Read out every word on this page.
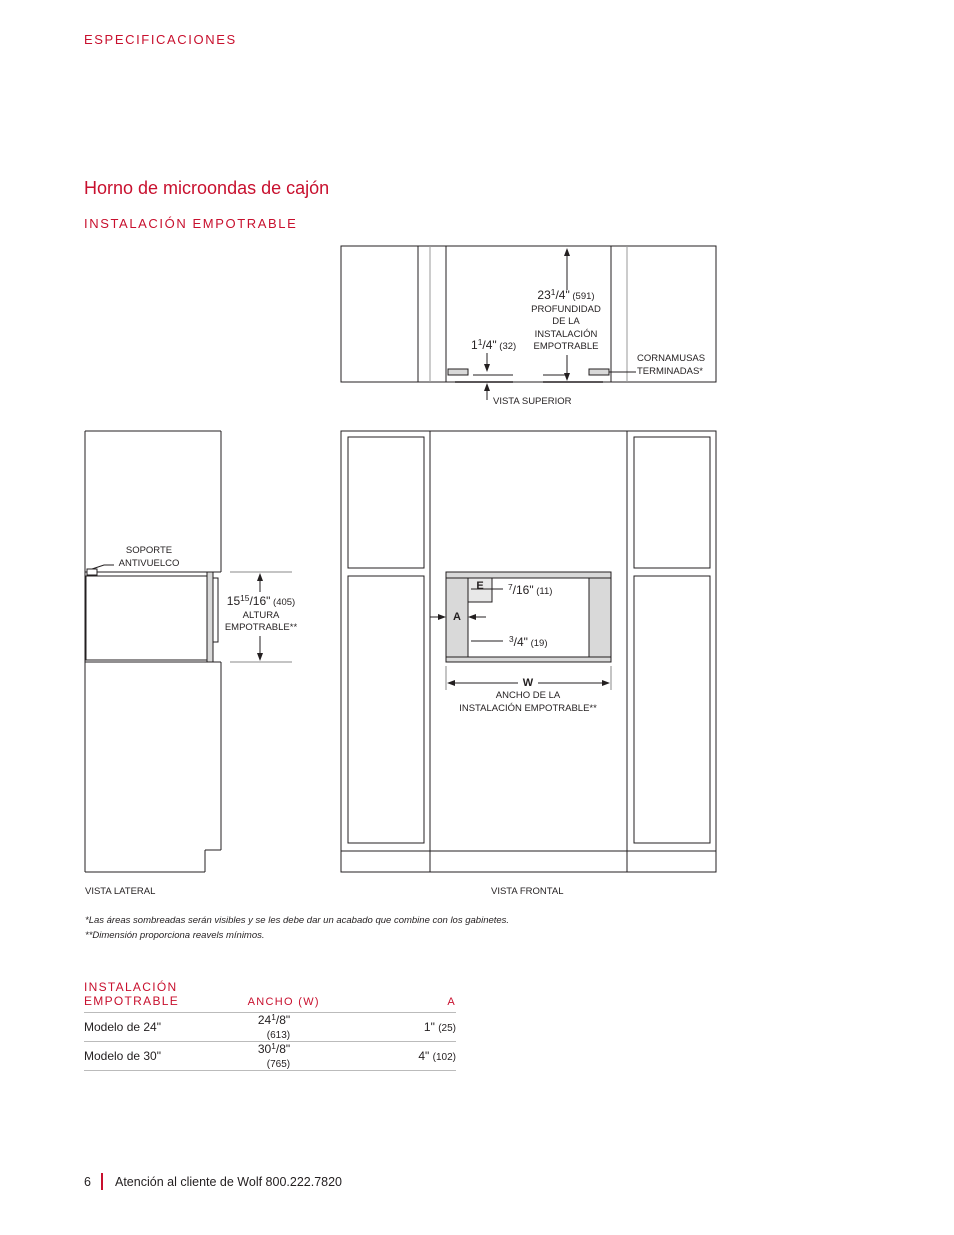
ESPECIFICACIONES
Horno de microondas de cajón
INSTALACIÓN EMPOTRABLE
$23^1/4$" (591)
PROFUNDIDAD
DE LA
INSTALACIÓN
EMPOTRABLE
$1^1/4$" (32)
CORNAMUSAS
TERMINADAS*
VISTA SUPERIOR
SOPORTE
ANTIVUELCO
$15^{15}/16$" (405)
ALTURA
EMPOTRABLE**
VISTA LATERAL
E
A
$^7$/16" (11)
$^3$/4" (19)
W
ANCHO DE LA
INSTALACIÓN EMPOTRABLE**
VISTA FRONTAL
*Las áreas sombreadas serán visibles y se les debe dar un acabado que combine con los gabinetes.
**Dimensión proporciona reavels mínimos.
INSTALACIÓN EMPOTRABLE	ANCHO (W)	A
Modelo de 24"	$24^1/8$" (613)	1" (25)
Modelo de 30"	$30^1/8$" (765)	4" (102)
6 Atención al cliente de Wolf 800.222.7820
